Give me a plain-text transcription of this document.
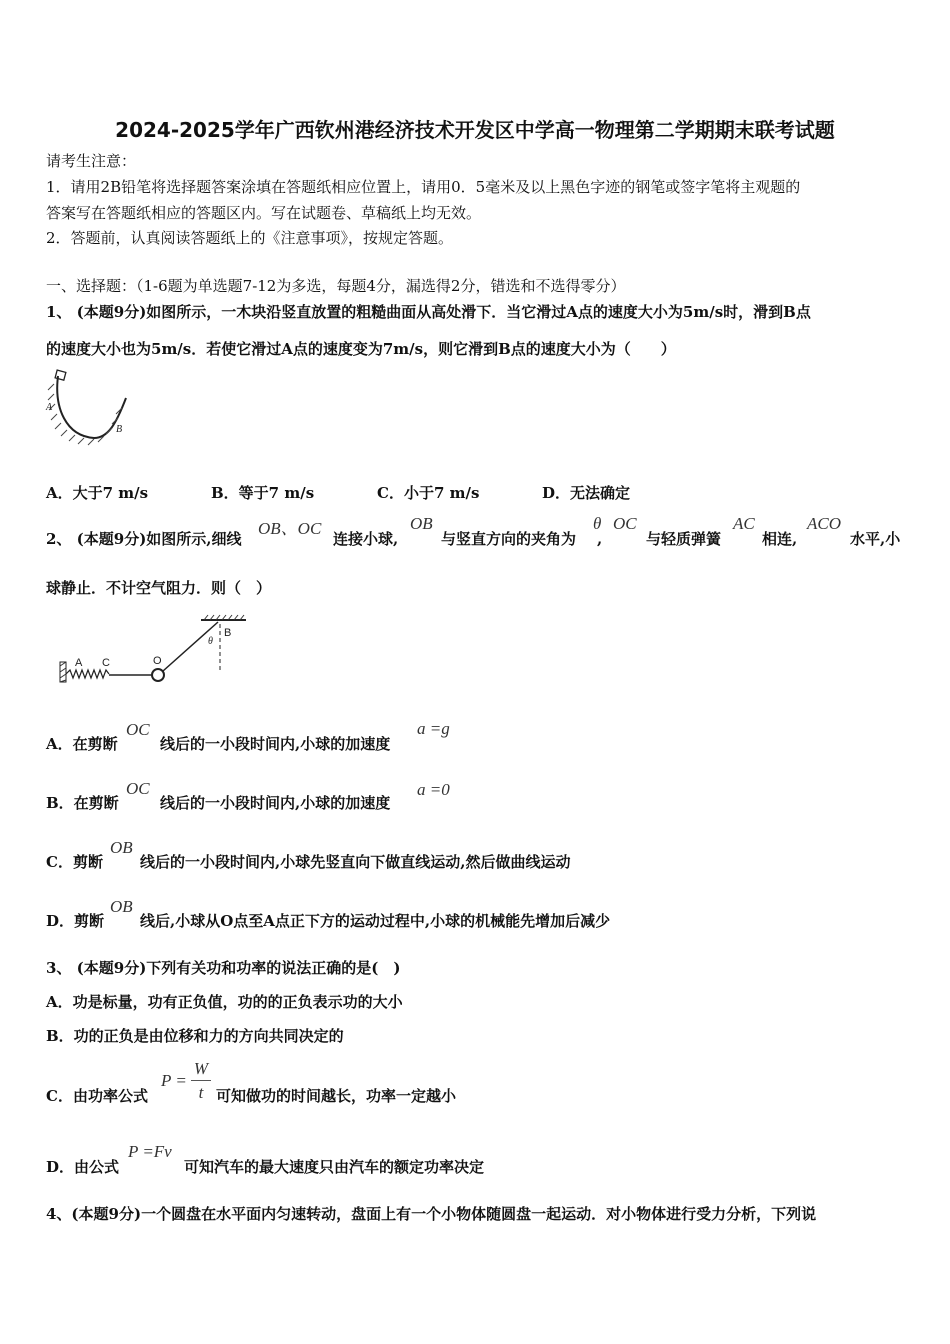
2024-2025学年广西钦州港经济技术开发区中学高一物理第二学期期末联考试题
请考生注意：
1．请用2B铅笔将选择题答案涂填在答题纸相应位置上，请用0．5毫米及以上黑色字迹的钢笔或签字笔将主观题的
答案写在答题纸相应的答题区内。写在试题卷、草稿纸上均无效。
2．答题前，认真阅读答题纸上的《注意事项》，按规定答题。
一、选择题：（1-6题为单选题7-12为多选，每题4分，漏选得2分，错选和不选得零分）
1、 (本题9分)如图所示，一木块沿竖直放置的粗糙曲面从高处滑下．当它滑过A点的速度大小为5m/s时，滑到B点
的速度大小也为5m/s．若使它滑过A点的速度变为7m/s，则它滑到B点的速度大小为（　　）
A
B
A．大于7 m/s	B．等于7 m/s	C．小于7 m/s	D．无法确定
2、 (本题9分)如图所示,细线
OB、OC
连接小球,
OB
与竖直方向的夹角为
θ
,
OC
与轻质弹簧
AC
相连,
ACO
水平,小
球静止．不计空气阻力．则（　）
A C	O
B
θ
A．在剪断
OC
线后的一小段时间内,小球的加速度
a =g
B．在剪断
OC
线后的一小段时间内,小球的加速度
a =0
C．剪断
OB
线后的一小段时间内,小球先竖直向下做直线运动,然后做曲线运动
D．剪断
OB
线后,小球从O点至A点正下方的运动过程中,小球的机械能先增加后减少
3、 (本题9分)下列有关功和功率的说法正确的是(　)
A．功是标量，功有正负值，功的的正负表示功的大小
B．功的正负是由位移和力的方向共同决定的
C．由功率公式
P =
W
t 可知做功的时间越长，功率一定越小
D．由公式
P =Fv
可知汽车的最大速度只由汽车的额定功率决定
4、(本题9分)一个圆盘在水平面内匀速转动，盘面上有一个小物体随圆盘一起运动．对小物体进行受力分析，下列说
